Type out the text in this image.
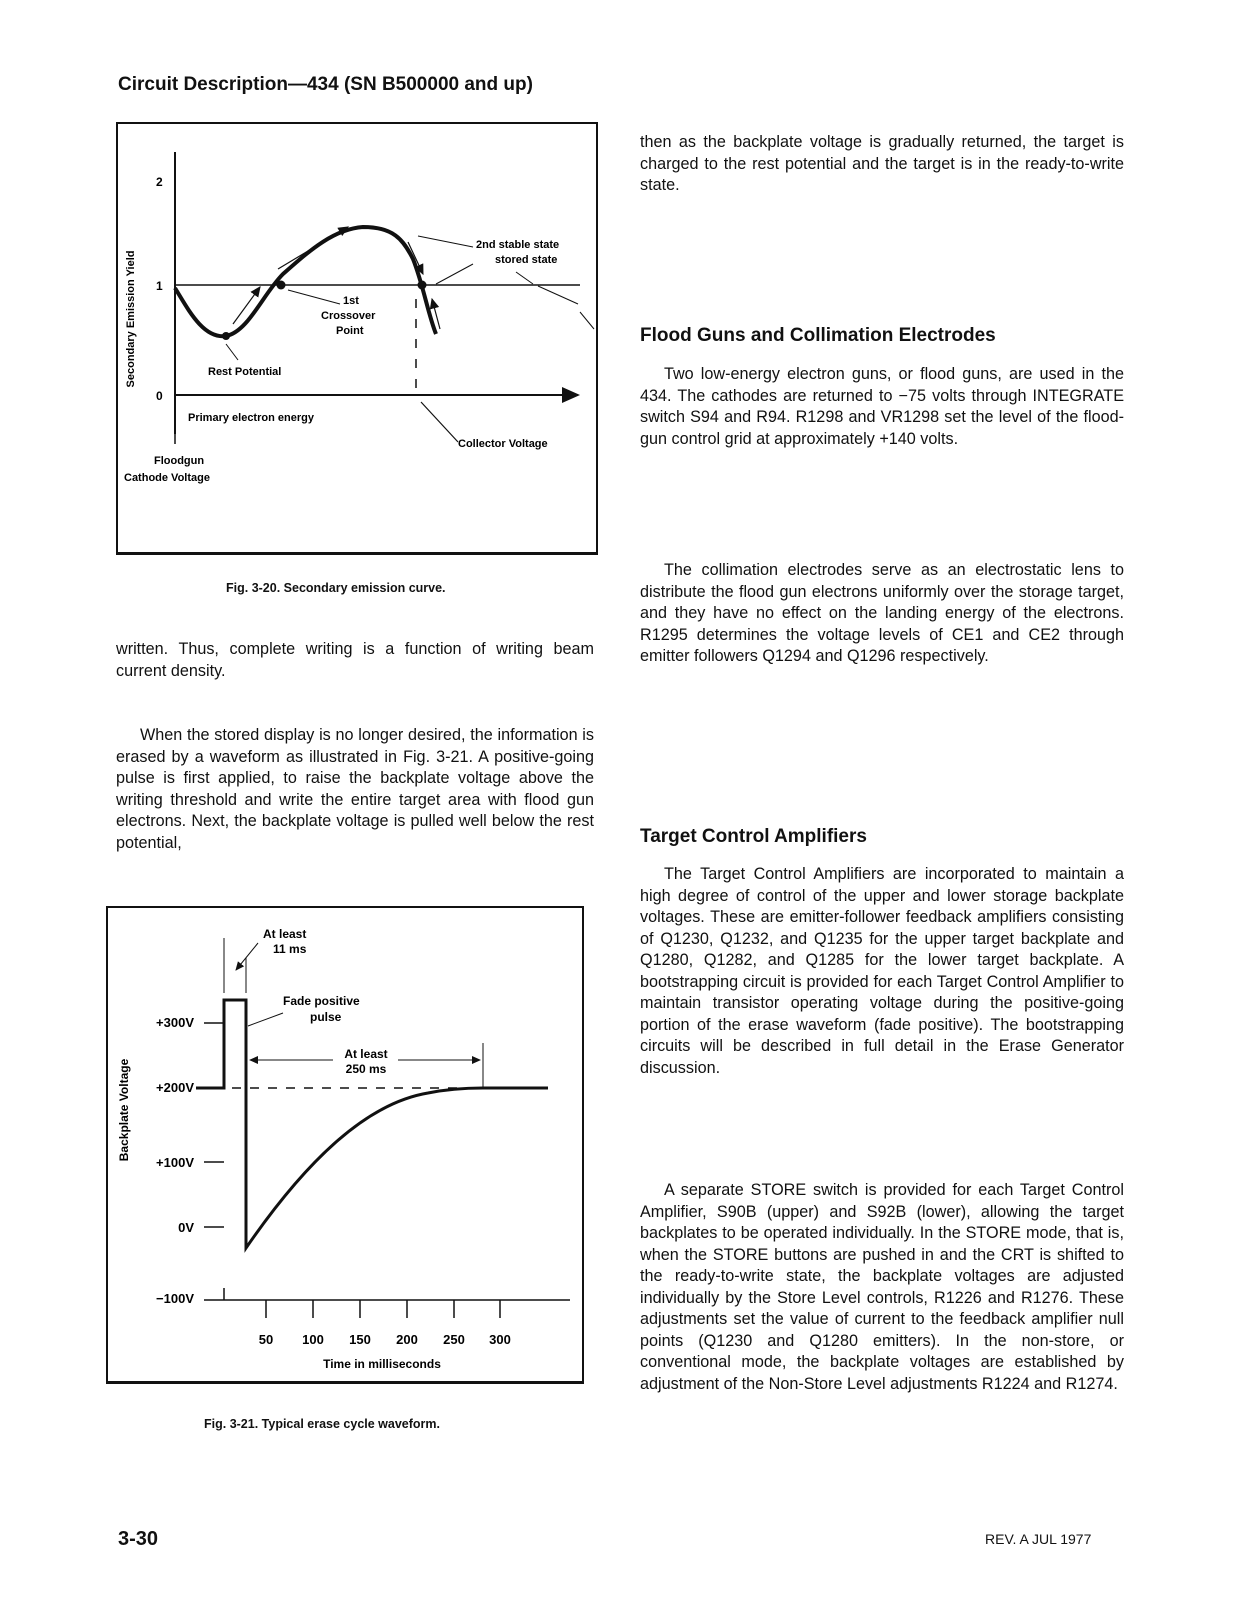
Circuit Description—434 (SN B500000 and up)
2
1
0
Secondary Emission Yield
2nd stable state
stored state
1st
Crossover
Point
Rest Potential
Primary electron energy
Collector Voltage
Floodgun
Cathode Voltage
Fig. 3-20. Secondary emission curve.
written. Thus, complete writing is a function of writing beam current density.
When the stored display is no longer desired, the information is erased by a waveform as illustrated in Fig. 3-21. A positive-going pulse is first applied, to raise the backplate voltage above the writing threshold and write the entire target area with flood gun electrons. Next, the backplate voltage is pulled well below the rest potential,
Backplate Voltage
+300V
+200V
+100V
0V
−100V
50 100 150 200 250 300
Time in milliseconds
At least
11 ms
Fade positive
pulse
At least
250 ms
Fig. 3-21. Typical erase cycle waveform.
then as the backplate voltage is gradually returned, the target is charged to the rest potential and the target is in the ready-to-write state.
Flood Guns and Collimation Electrodes
Two low-energy electron guns, or flood guns, are used in the 434. The cathodes are returned to −75 volts through INTEGRATE switch S94 and R94. R1298 and VR1298 set the level of the flood-gun control grid at approximately +140 volts.
The collimation electrodes serve as an electrostatic lens to distribute the flood gun electrons uniformly over the storage target, and they have no effect on the landing energy of the electrons. R1295 determines the voltage levels of CE1 and CE2 through emitter followers Q1294 and Q1296 respectively.
Target Control Amplifiers
The Target Control Amplifiers are incorporated to maintain a high degree of control of the upper and lower storage backplate voltages. These are emitter-follower feedback amplifiers consisting of Q1230, Q1232, and Q1235 for the upper target backplate and Q1280, Q1282, and Q1285 for the lower target backplate. A bootstrapping circuit is provided for each Target Control Amplifier to maintain transistor operating voltage during the positive-going portion of the erase waveform (fade positive). The bootstrapping circuits will be described in full detail in the Erase Generator discussion.
A separate STORE switch is provided for each Target Control Amplifier, S90B (upper) and S92B (lower), allowing the target backplates to be operated individually. In the STORE mode, that is, when the STORE buttons are pushed in and the CRT is shifted to the ready-to-write state, the backplate voltages are adjusted individually by the Store Level controls, R1226 and R1276. These adjustments set the value of current to the feedback amplifier null points (Q1230 and Q1280 emitters). In the non-store, or conventional mode, the backplate voltages are established by adjustment of the Non-Store Level adjustments R1224 and R1274.
3-30	REV. A JUL 1977
